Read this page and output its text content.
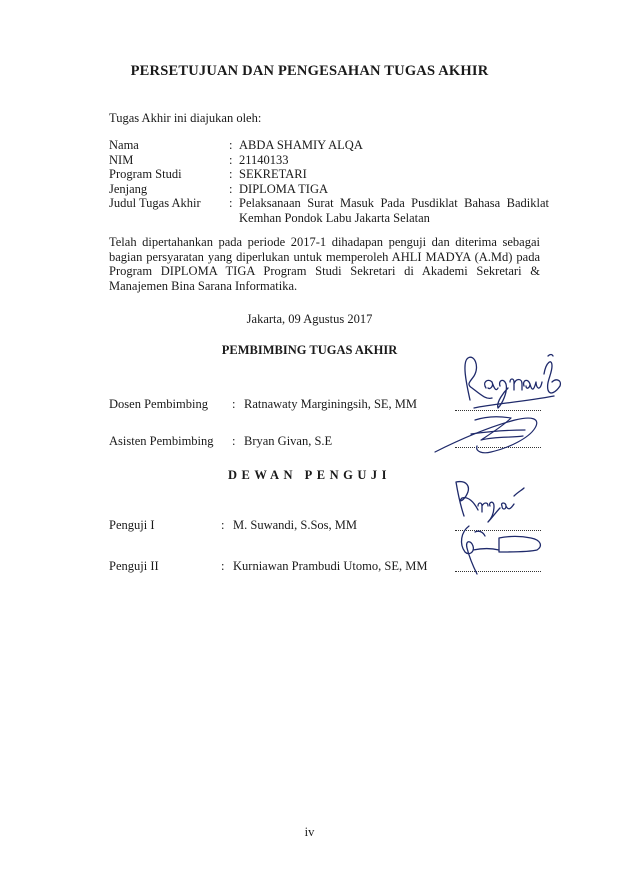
PERSETUJUAN DAN PENGESAHAN TUGAS AKHIR
Tugas Akhir ini diajukan oleh:
Nama	: ABDA SHAMIY ALQA
NIM	: 21140133
Program Studi	: SEKRETARI
Jenjang	: DIPLOMA TIGA
Judul Tugas Akhir	: Pelaksanaan Surat Masuk Pada Pusdiklat Bahasa Badiklat Kemhan Pondok Labu Jakarta Selatan
Telah dipertahankan pada periode 2017-1 dihadapan penguji dan diterima sebagai bagian persyaratan yang diperlukan untuk memperoleh AHLI MADYA (A.Md) pada Program DIPLOMA TIGA Program Studi Sekretari di Akademi Sekretari & Manajemen Bina Sarana Informatika.
Jakarta, 09 Agustus 2017
PEMBIMBING TUGAS AKHIR
Dosen Pembimbing	: Ratnawaty Marginingsih, SE, MM
Asisten Pembimbing	: Bryan Givan, S.E
DEWAN PENGUJI
Penguji I	: M. Suwandi, S.Sos, MM
Penguji II	: Kurniawan Prambudi Utomo, SE, MM
iv
